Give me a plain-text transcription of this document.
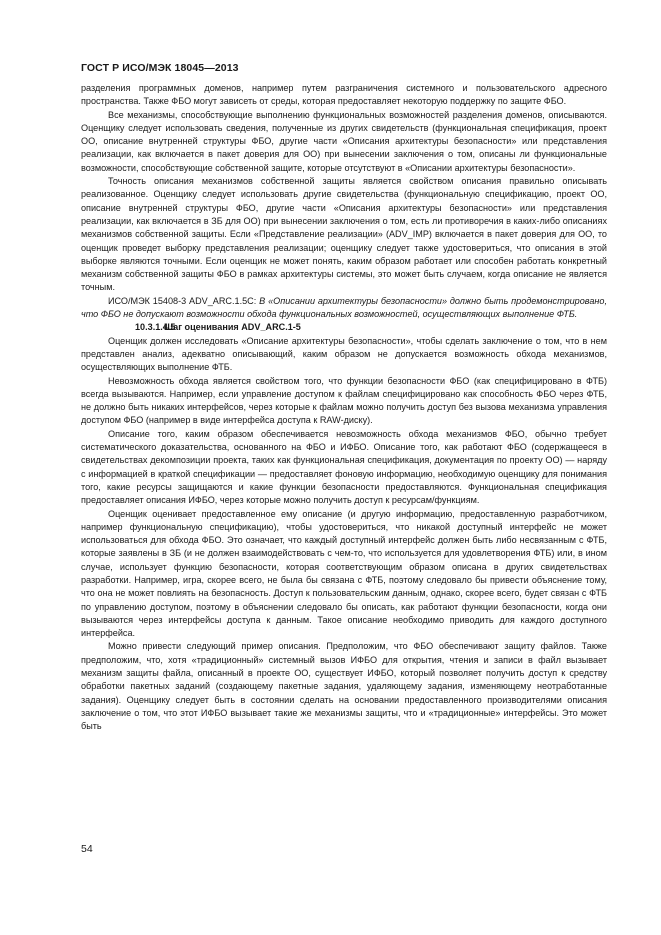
ГОСТ Р ИСО/МЭК 18045—2013

разделения программных доменов, например путем разграничения системного и пользовательского адресного пространства. Также ФБО могут зависеть от среды, которая предоставляет некоторую поддержку по защите ФБО.

Все механизмы, способствующие выполнению функциональных возможностей разделения доменов, описываются. Оценщику следует использовать сведения, полученные из других свидетельств (функциональная спецификация, проект ОО, описание внутренней структуры ФБО, другие части «Описания архитектуры безопасности» или представления реализации, как включается в пакет доверия для ОО) при вынесении заключения о том, описаны ли функциональные возможности, способствующие собственной защите, которые отсутствуют в «Описании архитектуры безопасности».

Точность описания механизмов собственной защиты является свойством описания правильно описывать реализованное. Оценщику следует использовать другие свидетельства (функциональную спецификацию, проект ОО, описание внутренней структуры ФБО, другие части «Описания архитектуры безопасности» или представления реализации, как включается в ЗБ для ОО) при вынесении заключения о том, есть ли противоречия в каких-либо описаниях механизмов собственной защиты. Если «Представление реализации» (ADV_IMP) включается в пакет доверия для ОО, то оценщик проведет выборку представления реализации; оценщику следует также удостовериться, что описания в этой выборке являются точными. Если оценщик не может понять, каким образом работает или способен работать конкретный механизм собственной защиты ФБО в рамках архитектуры системы, это может быть случаем, когда описание не является точным.

ИСО/МЭК 15408-3 ADV_ARC.1.5C: В «Описании архитектуры безопасности» должно быть продемонстрировано, что ФБО не допускают возможности обхода функциональных возможностей, осуществляющих выполнение ФТБ.

10.3.1.4.5Шаг оценивания ADV_ARC.1-5

Оценщик должен исследовать «Описание архитектуры безопасности», чтобы сделать заключение о том, что в нем представлен анализ, адекватно описывающий, каким образом не допускается возможность обхода механизмов, осуществляющих выполнение ФТБ.

Невозможность обхода является свойством того, что функции безопасности ФБО (как специфицировано в ФТБ) всегда вызываются. Например, если управление доступом к файлам специфицировано как способность ФБО через ФТБ, не должно быть никаких интерфейсов, через которые к файлам можно получить доступ без вызова механизма управления доступом ФБО (например в виде интерфейса доступа к RAW-диску).

Описание того, каким образом обеспечивается невозможность обхода механизмов ФБО, обычно требует систематического доказательства, основанного на ФБО и ИФБО. Описание того, как работают ФБО (содержащееся в свидетельствах декомпозиции проекта, таких как функциональная спецификация, документация по проекту ОО) — наряду с информацией в краткой спецификации — предоставляет фоновую информацию, необходимую оценщику для понимания того, какие ресурсы защищаются и какие функции безопасности предоставляются. Функциональная спецификация предоставляет описания ИФБО, через которые можно получить доступ к ресурсам/функциям.

Оценщик оценивает предоставленное ему описание (и другую информацию, предоставленную разработчиком, например функциональную спецификацию), чтобы удостовериться, что никакой доступный интерфейс не может использоваться для обхода ФБО. Это означает, что каждый доступный интерфейс должен быть либо несвязанным с ФТБ, которые заявлены в ЗБ (и не должен взаимодействовать с чем-то, что используется для удовлетворения ФТБ) или, в ином случае, использует функцию безопасности, которая соответствующим образом описана в других свидетельствах разработки. Например, игра, скорее всего, не была бы связана с ФТБ, поэтому следовало бы привести объяснение тому, что она не может повлиять на безопасность. Доступ к пользовательским данным, однако, скорее всего, будет связан с ФТБ по управлению доступом, поэтому в объяснении следовало бы описать, как работают функции безопасности, когда они вызываются через интерфейсы доступа к данным. Такое описание необходимо приводить для каждого доступного интерфейса.

Можно привести следующий пример описания. Предположим, что ФБО обеспечивают защиту файлов. Также предположим, что, хотя «традиционный» системный вызов ИФБО для открытия, чтения и записи в файл вызывает механизм защиты файла, описанный в проекте ОО, существует ИФБО, который позволяет получить доступ к средству обработки пакетных заданий (создающему пакетные задания, удаляющему задания, изменяющему неотработанные задания). Оценщику следует быть в состоянии сделать на основании предоставленного производителями описания заключение о том, что этот ИФБО вызывает такие же механизмы защиты, что и «традиционные» интерфейсы. Это может быть

54
